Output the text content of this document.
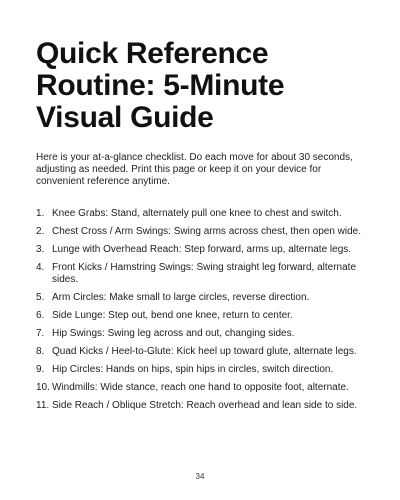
Quick Reference Routine: 5-Minute Visual Guide

Here is your at-a-glance checklist. Do each move for about 30 seconds, adjusting as needed. Print this page or keep it on your device for convenient reference anytime.

1. Knee Grabs: Stand, alternately pull one knee to chest and switch.
2. Chest Cross / Arm Swings: Swing arms across chest, then open wide.
3. Lunge with Overhead Reach: Step forward, arms up, alternate legs.
4. Front Kicks / Hamstring Swings: Swing straight leg forward, alternate sides.
5. Arm Circles: Make small to large circles, reverse direction.
6. Side Lunge: Step out, bend one knee, return to center.
7. Hip Swings: Swing leg across and out, changing sides.
8. Quad Kicks / Heel-to-Glute: Kick heel up toward glute, alternate legs.
9. Hip Circles: Hands on hips, spin hips in circles, switch direction.
10. Windmills: Wide stance, reach one hand to opposite foot, alternate.
11. Side Reach / Oblique Stretch: Reach overhead and lean side to side.
34
